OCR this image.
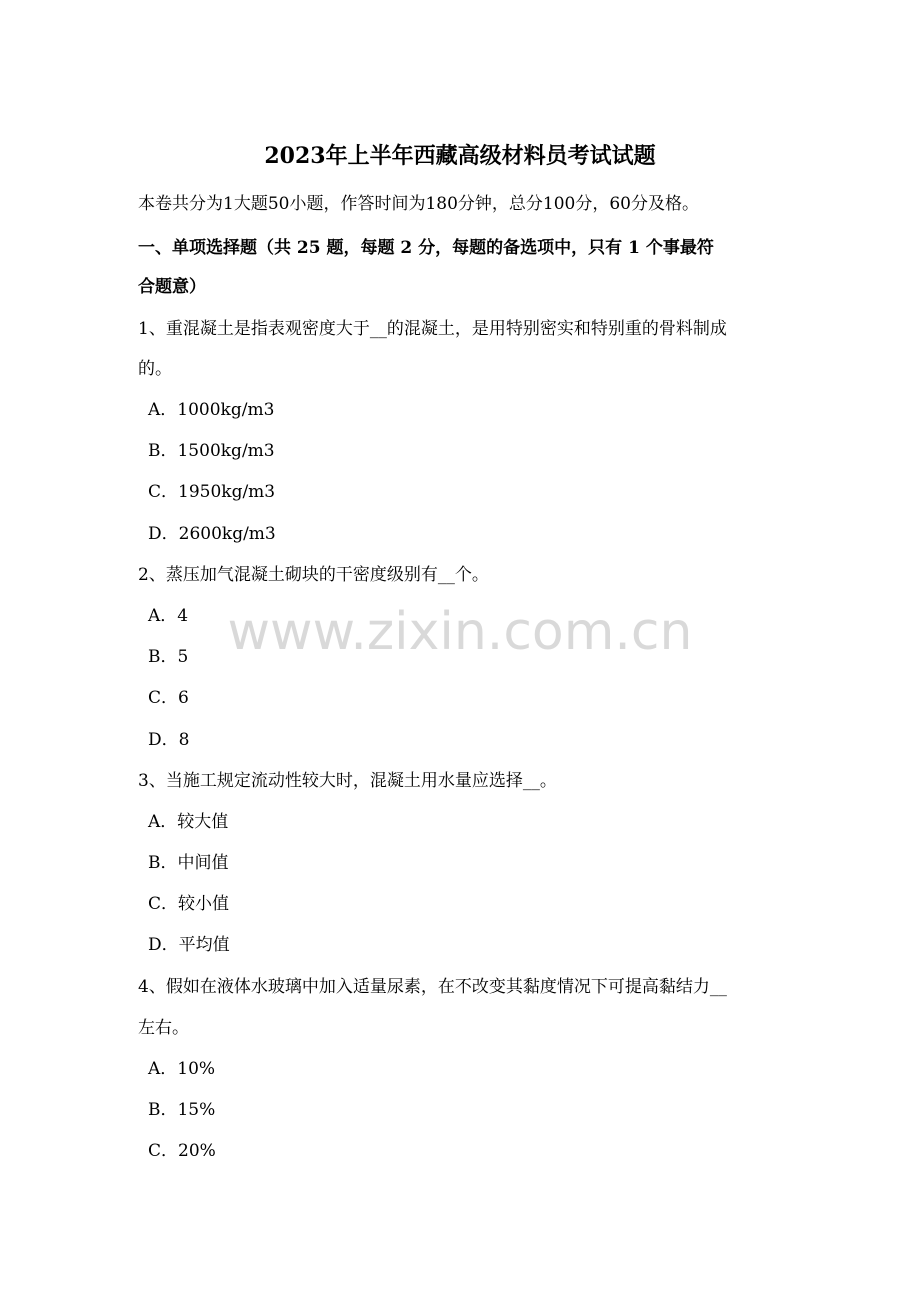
www.zixin.com.cn
2023年上半年西藏高级材料员考试试题
本卷共分为1大题50小题，作答时间为180分钟，总分100分，60分及格。
一、单项选择题（共 25 题，每题 2 分，每题的备选项中，只有 1 个事最符
合题意）
1、重混凝土是指表观密度大于__的混凝土，是用特别密实和特别重的骨料制成
的。
A．1000kg/m3
B．1500kg/m3
C．1950kg/m3
D．2600kg/m3
2、蒸压加气混凝土砌块的干密度级别有__个。
A．4
B．5
C．6
D．8
3、当施工规定流动性较大时，混凝土用水量应选择__。
A．较大值
B．中间值
C．较小值
D．平均值
4、假如在液体水玻璃中加入适量尿素，在不改变其黏度情况下可提高黏结力__
左右。
A．10%
B．15%
C．20%
